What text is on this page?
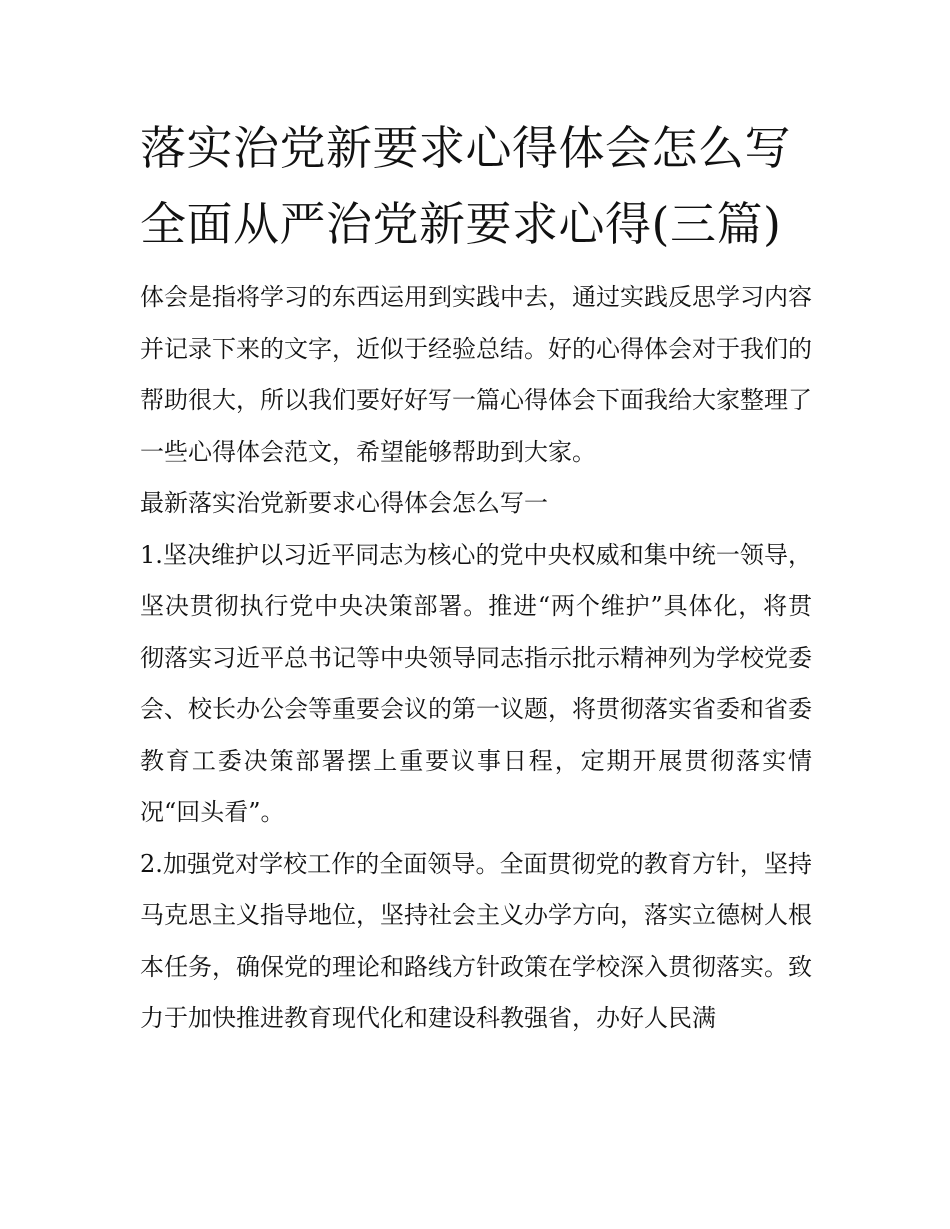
落实治党新要求心得体会怎么写 全面从严治党新要求心得(三篇)

体会是指将学习的东西运用到实践中去，通过实践反思学习内容并记录下来的文字，近似于经验总结。好的心得体会对于我们的帮助很大，所以我们要好好写一篇心得体会下面我给大家整理了一些心得体会范文，希望能够帮助到大家。

最新落实治党新要求心得体会怎么写一

1.坚决维护以习近平同志为核心的党中央权威和集中统一领导，坚决贯彻执行党中央决策部署。推进“两个维护”具体化，将贯彻落实习近平总书记等中央领导同志指示批示精神列为学校党委会、校长办公会等重要会议的第一议题，将贯彻落实省委和省委教育工委决策部署摆上重要议事日程，定期开展贯彻落实情况“回头看”。

2.加强党对学校工作的全面领导。全面贯彻党的教育方针，坚持马克思主义指导地位，坚持社会主义办学方向，落实立德树人根本任务，确保党的理论和路线方针政策在学校深入贯彻落实。致力于加快推进教育现代化和建设科教强省，办好人民满
